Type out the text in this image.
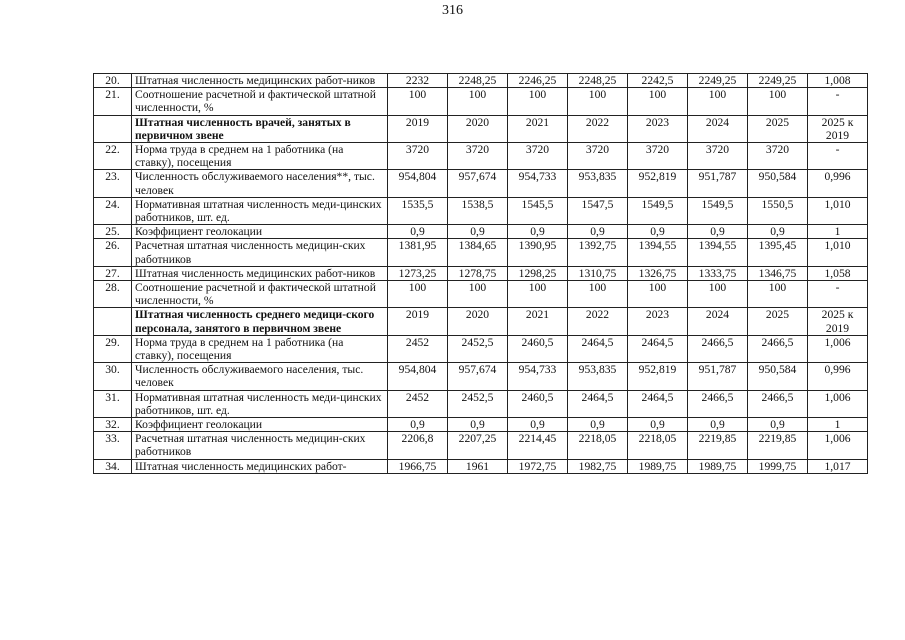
316
20.	Штатная численность медицинских работ-ников	2232	2248,25	2246,25	2248,25	2242,5	2249,25	2249,25	1,008
21.	Соотношение расчетной и фактической штатной численности, %	100	100	100	100	100	100	100	-
	Штатная численность врачей, занятых в первичном звене	2019	2020	2021	2022	2023	2024	2025	2025 к 2019
22.	Норма труда в среднем на 1 работника (на ставку), посещения	3720	3720	3720	3720	3720	3720	3720	-
23.	Численность обслуживаемого населения**, тыс. человек	954,804	957,674	954,733	953,835	952,819	951,787	950,584	0,996
24.	Нормативная штатная численность меди-цинских работников, шт. ед.	1535,5	1538,5	1545,5	1547,5	1549,5	1549,5	1550,5	1,010
25.	Коэффициент геолокации	0,9	0,9	0,9	0,9	0,9	0,9	0,9	1
26.	Расчетная штатная численность медицин-ских работников	1381,95	1384,65	1390,95	1392,75	1394,55	1394,55	1395,45	1,010
27.	Штатная численность медицинских работ-ников	1273,25	1278,75	1298,25	1310,75	1326,75	1333,75	1346,75	1,058
28.	Соотношение расчетной и фактической штатной численности, %	100	100	100	100	100	100	100	-
	Штатная численность среднего медици-ского персонала, занятого в первичном звене	2019	2020	2021	2022	2023	2024	2025	2025 к 2019
29.	Норма труда в среднем на 1 работника (на ставку), посещения	2452	2452,5	2460,5	2464,5	2464,5	2466,5	2466,5	1,006
30.	Численность обслуживаемого населения, тыс. человек	954,804	957,674	954,733	953,835	952,819	951,787	950,584	0,996
31.	Нормативная штатная численность меди-цинских работников, шт. ед.	2452	2452,5	2460,5	2464,5	2464,5	2466,5	2466,5	1,006
32.	Коэффициент геолокации	0,9	0,9	0,9	0,9	0,9	0,9	0,9	1
33.	Расчетная штатная численность медицин-ских работников	2206,8	2207,25	2214,45	2218,05	2218,05	2219,85	2219,85	1,006
34.	Штатная численность медицинских работ-	1966,75	1961	1972,75	1982,75	1989,75	1989,75	1999,75	1,017
